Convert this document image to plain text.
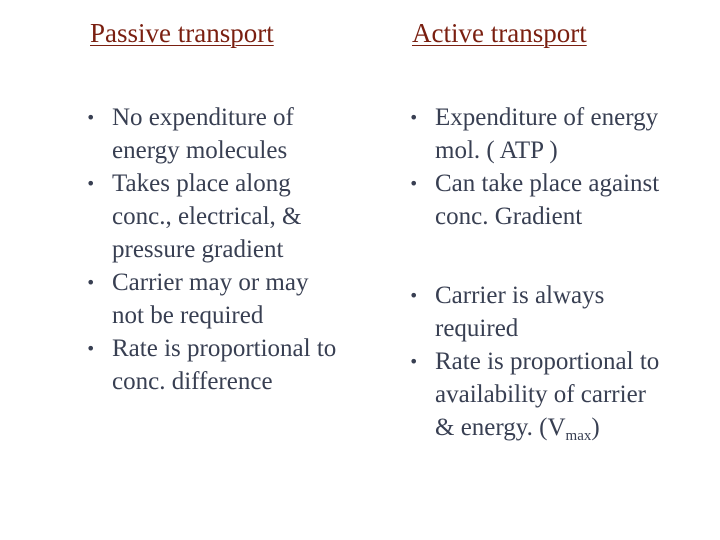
Passive transport	Active transport
• No expenditure of
energy molecules
• Takes place along
conc., electrical, &
pressure gradient
• Carrier may or may
not be required
• Rate is proportional to
conc. difference
• Expenditure of energy
mol. ( ATP )
• Can take place against
conc. Gradient
• Carrier is always
required
• Rate is proportional to
availability of carrier
& energy. $(V_{max})$
